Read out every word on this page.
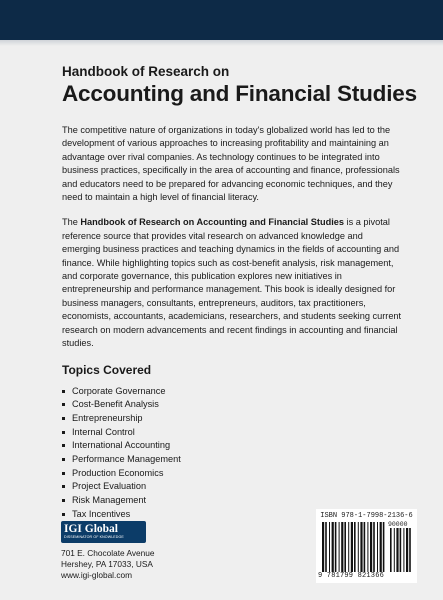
Handbook of Research on

Accounting and Financial Studies

The competitive nature of organizations in today's globalized world has led to the development of various approaches to increasing profitability and maintaining an advantage over rival companies. As technology continues to be integrated into business practices, specifically in the area of accounting and finance, professionals and educators need to be prepared for advancing economic techniques, and they need to maintain a high level of financial literacy.

The Handbook of Research on Accounting and Financial Studies is a pivotal reference source that provides vital research on advanced knowledge and emerging business practices and teaching dynamics in the fields of accounting and finance. While highlighting topics such as cost-benefit analysis, risk management, and corporate governance, this publication explores new initiatives in entrepreneurship and performance management. This book is ideally designed for business managers, consultants, entrepreneurs, auditors, tax practitioners, economists, accountants, academicians, researchers, and students seeking current research on modern advancements and recent findings in accounting and financial studies.

Topics Covered
Corporate Governance
Cost-Benefit Analysis
Entrepreneurship
Internal Control
International Accounting
Performance Management
Production Economics
Project Evaluation
Risk Management
Tax Incentives
IGI Global
DISSEMINATOR OF KNOWLEDGE
701 E. Chocolate Avenue
Hershey, PA 17033, USA
www.igi-global.com
ISBN 978-1-7998-2136-6
90000
9 781799 821366
